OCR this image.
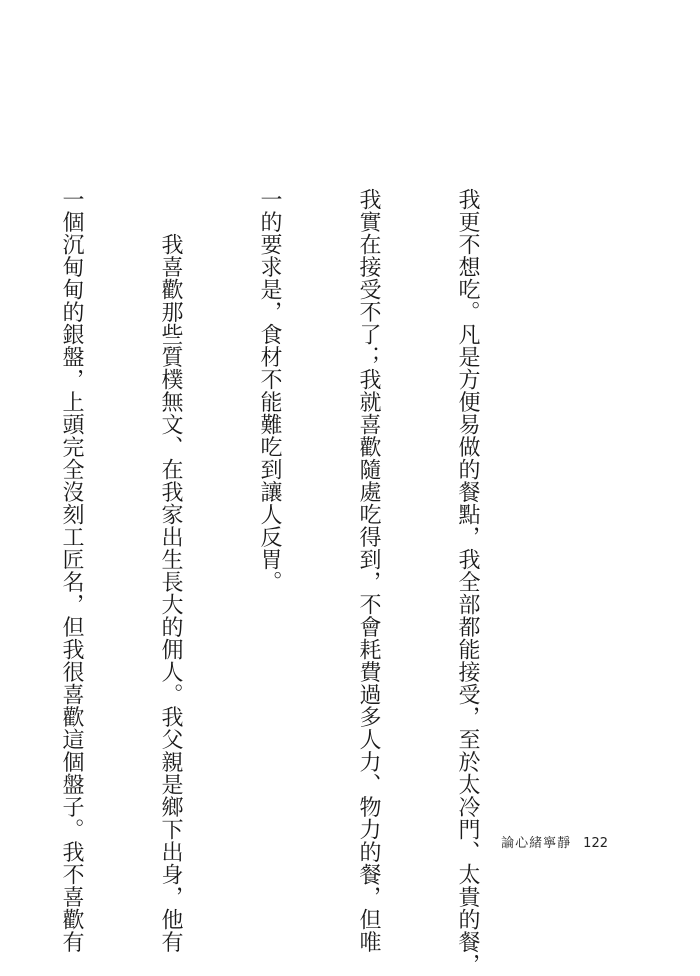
我更不想吃。凡是方便易做的餐點，我全部都能接受，至於太冷門、太貴的餐，

我實在接受不了；我就喜歡隨處吃得到，不會耗費過多人力、物力的餐，但唯

一的要求是，食材不能難吃到讓人反胃。

　　我喜歡那些質樸無文、在我家出生長大的佣人。我父親是鄉下出身，他有

一個沉甸甸的銀盤，上頭完全沒刻工匠名，但我很喜歡這個盤子。我不喜歡有

	論心緒寧靜 122
